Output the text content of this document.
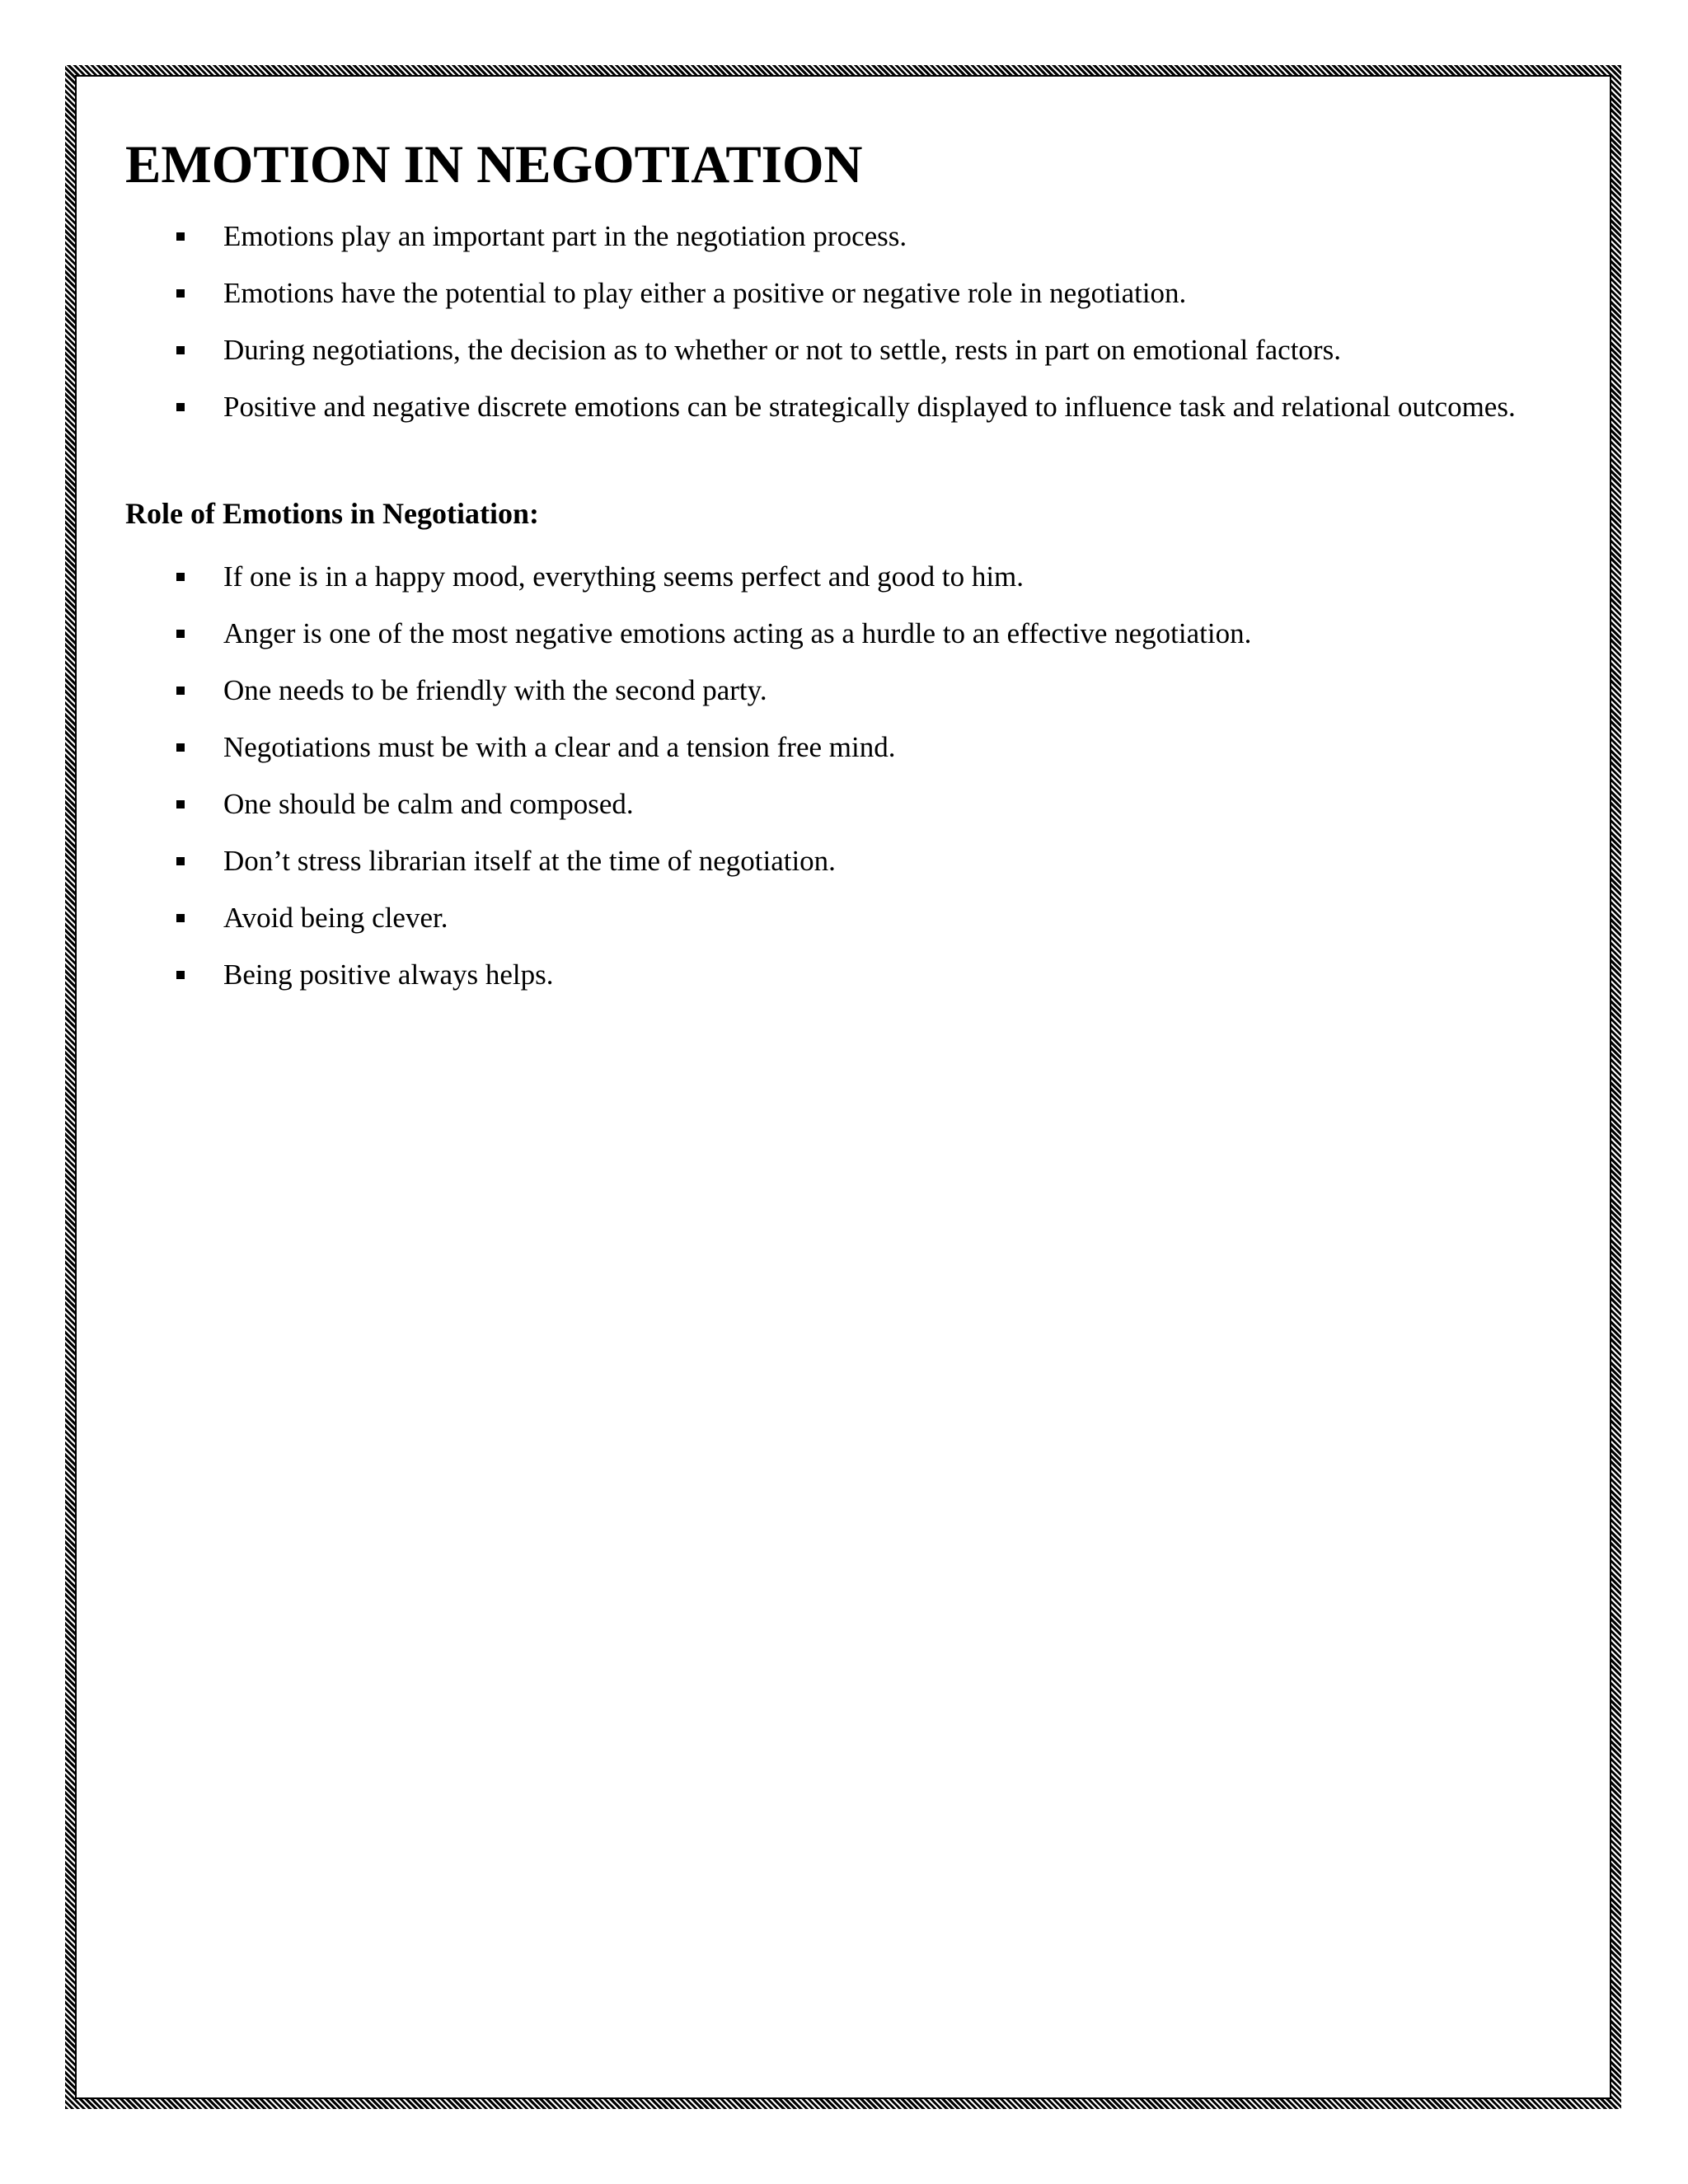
EMOTION IN NEGOTIATION
Emotions play an important part in the negotiation process.
Emotions have the potential to play either a positive or negative role in negotiation.
During negotiations, the decision as to whether or not to settle, rests in part on emotional factors.
Positive and negative discrete emotions can be strategically displayed to influence task and relational outcomes.
Role of Emotions in Negotiation:
If one is in a happy mood, everything seems perfect and good to him.
Anger is one of the most negative emotions acting as a hurdle to an effective negotiation.
One needs to be friendly with the second party.
Negotiations must be with a clear and a tension free mind.
One should be calm and composed.
Don’t stress librarian itself at the time of negotiation.
Avoid being clever.
Being positive always helps.
